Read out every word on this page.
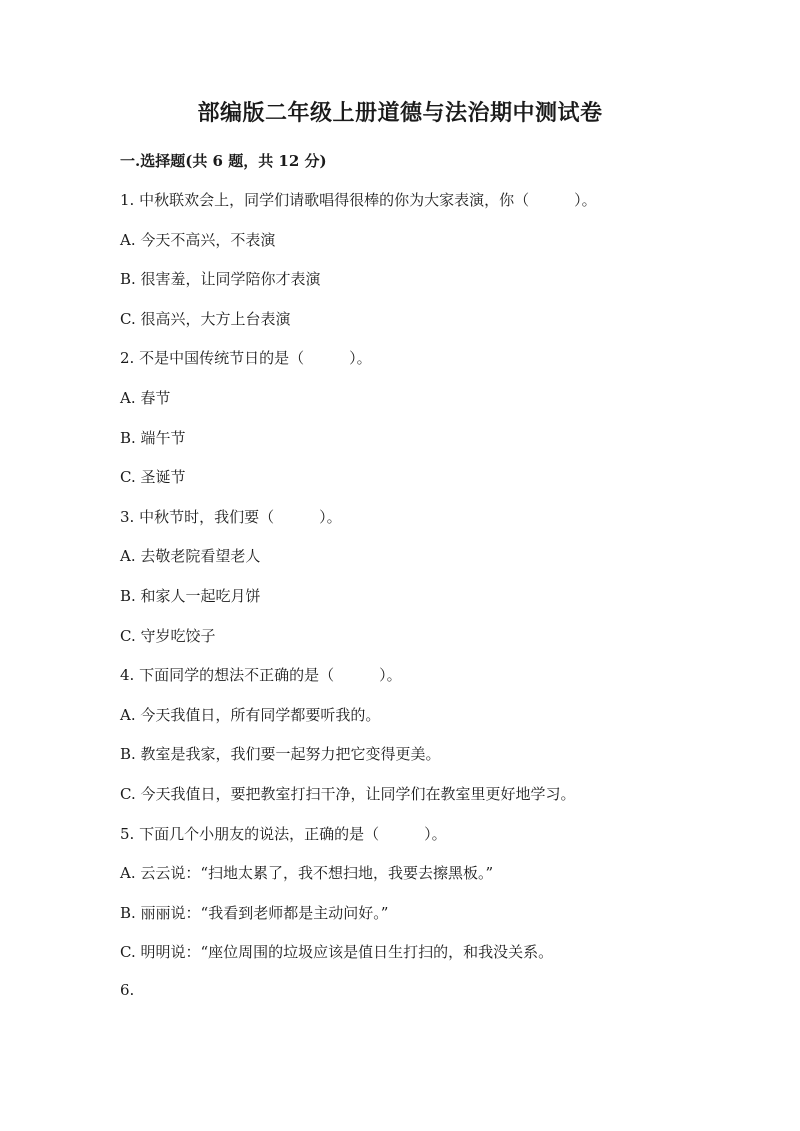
部编版二年级上册道德与法治期中测试卷
一.选择题(共 6 题，共 12 分)
1. 中秋联欢会上，同学们请歌唱得很棒的你为大家表演，你（　　　）。
A. 今天不高兴，不表演
B. 很害羞，让同学陪你才表演
C. 很高兴，大方上台表演
2. 不是中国传统节日的是（　　　）。
A. 春节
B. 端午节
C. 圣诞节
3. 中秋节时，我们要（　　　）。
A. 去敬老院看望老人
B. 和家人一起吃月饼
C. 守岁吃饺子
4. 下面同学的想法不正确的是（　　　）。
A. 今天我值日，所有同学都要听我的。
B. 教室是我家，我们要一起努力把它变得更美。
C. 今天我值日，要把教室打扫干净，让同学们在教室里更好地学习。
5. 下面几个小朋友的说法，正确的是（　　　）。
A. 云云说：“扫地太累了，我不想扫地，我要去擦黑板。”
B. 丽丽说：“我看到老师都是主动问好。”
C. 明明说：“座位周围的垃圾应该是值日生打扫的，和我没关系。
6.
